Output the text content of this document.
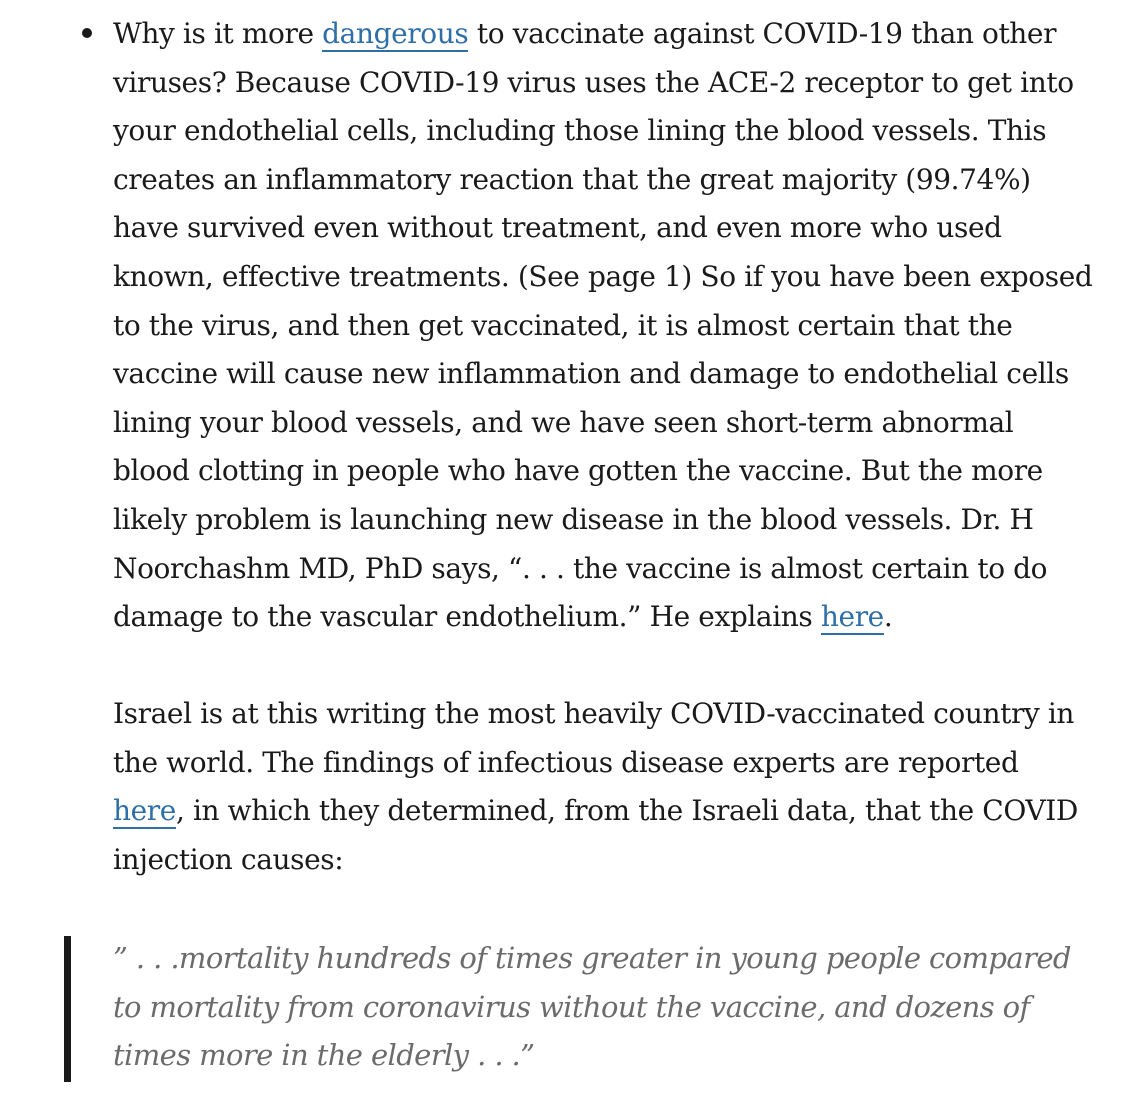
Why is it more dangerous to vaccinate against COVID-19 than other viruses? Because COVID-19 virus uses the ACE-2 receptor to get into your endothelial cells, including those lining the blood vessels. This creates an inflammatory reaction that the great majority (99.74%) have survived even without treatment, and even more who used known, effective treatments. (See page 1) So if you have been exposed to the virus, and then get vaccinated, it is almost certain that the vaccine will cause new inflammation and damage to endothelial cells lining your blood vessels, and we have seen short-term abnormal blood clotting in people who have gotten the vaccine. But the more likely problem is launching new disease in the blood vessels. Dr. H Noorchashm MD, PhD says, “. . . the vaccine is almost certain to do damage to the vascular endothelium.” He explains here.

Israel is at this writing the most heavily COVID-vaccinated country in the world. The findings of infectious disease experts are reported here, in which they determined, from the Israeli data, that the COVID injection causes:

” . . .mortality hundreds of times greater in young people compared to mortality from coronavirus without the vaccine, and dozens of times more in the elderly . . .”
